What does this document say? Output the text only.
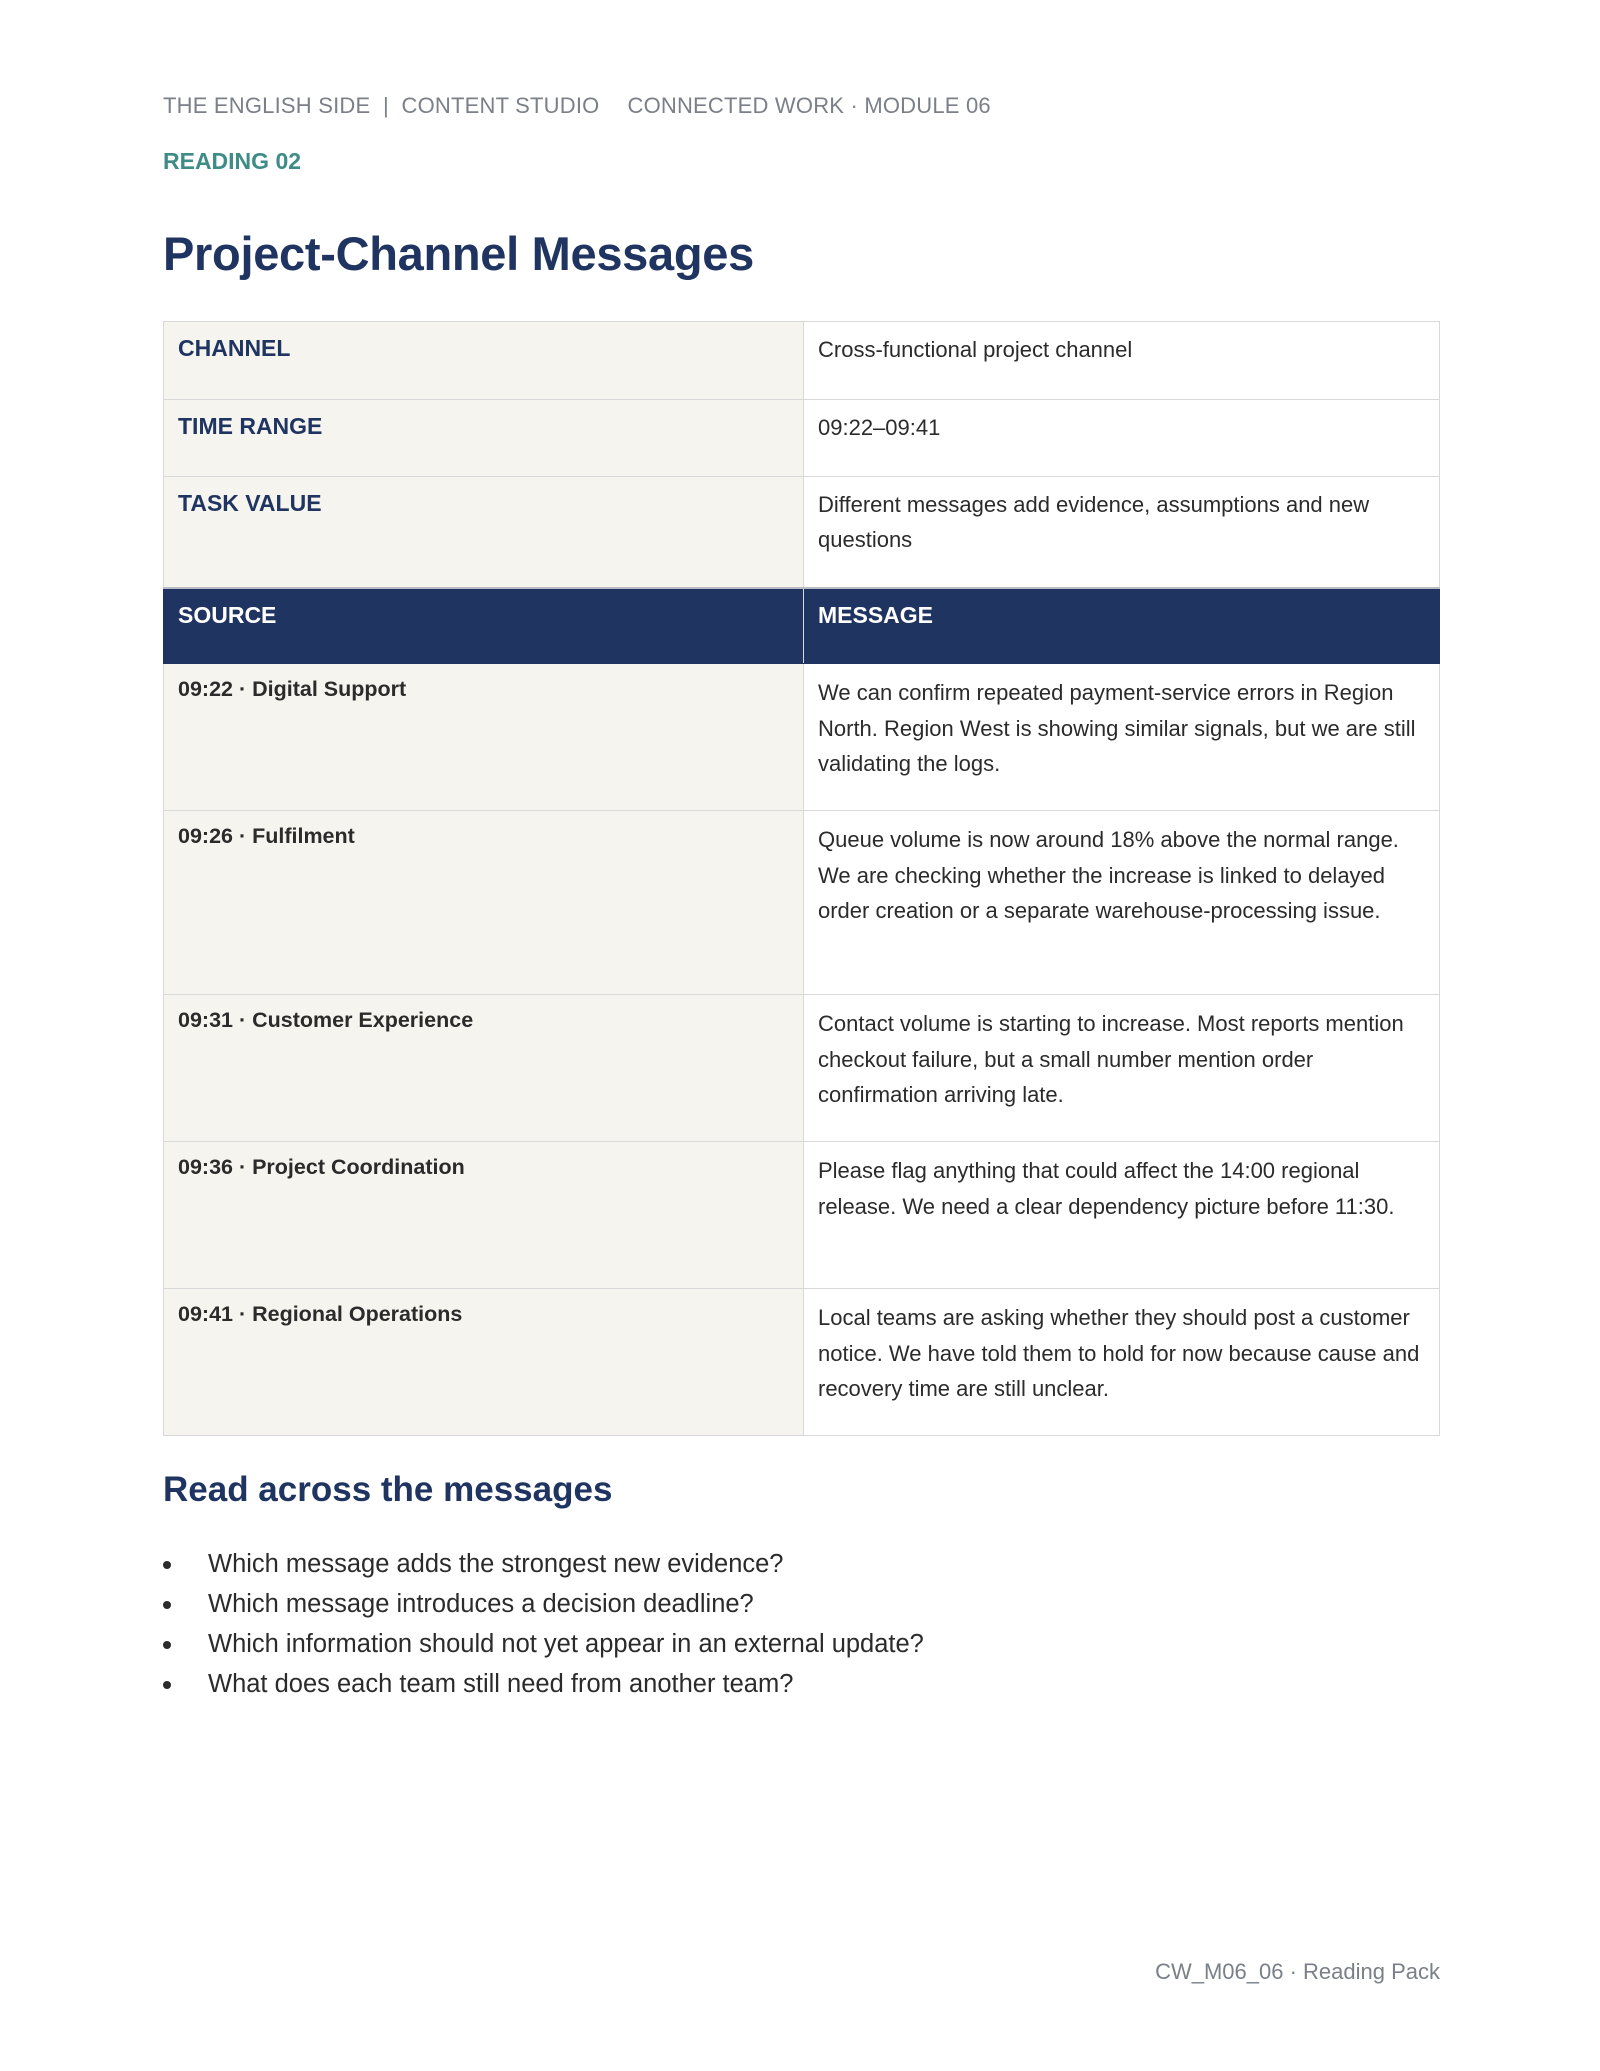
THE ENGLISH SIDE  |  CONTENT STUDIO CONNECTED WORK · MODULE 06
READING 02
Project-Channel Messages
CHANNEL	Cross-functional project channel

TIME RANGE	09:22–09:41

TASK VALUE	Different messages add evidence, assumptions and new questions

SOURCE	MESSAGE

09:22 · Digital Support	We can confirm repeated payment-service errors in Region North. Region West is showing similar signals, but we are still validating the logs.

09:26 · Fulfilment	Queue volume is now around 18% above the normal range. We are checking whether the increase is linked to delayed order creation or a separate warehouse-processing issue.

09:31 · Customer Experience	Contact volume is starting to increase. Most reports mention checkout failure, but a small number mention order confirmation arriving late.

09:36 · Project Coordination	Please flag anything that could affect the 14:00 regional release. We need a clear dependency picture before 11:30.

09:41 · Regional Operations	Local teams are asking whether they should post a customer notice. We have told them to hold for now because cause and recovery time are still unclear.
Read across the messages
Which message adds the strongest new evidence?
Which message introduces a decision deadline?
Which information should not yet appear in an external update?
What does each team still need from another team?
CW_M06_06 · Reading Pack
